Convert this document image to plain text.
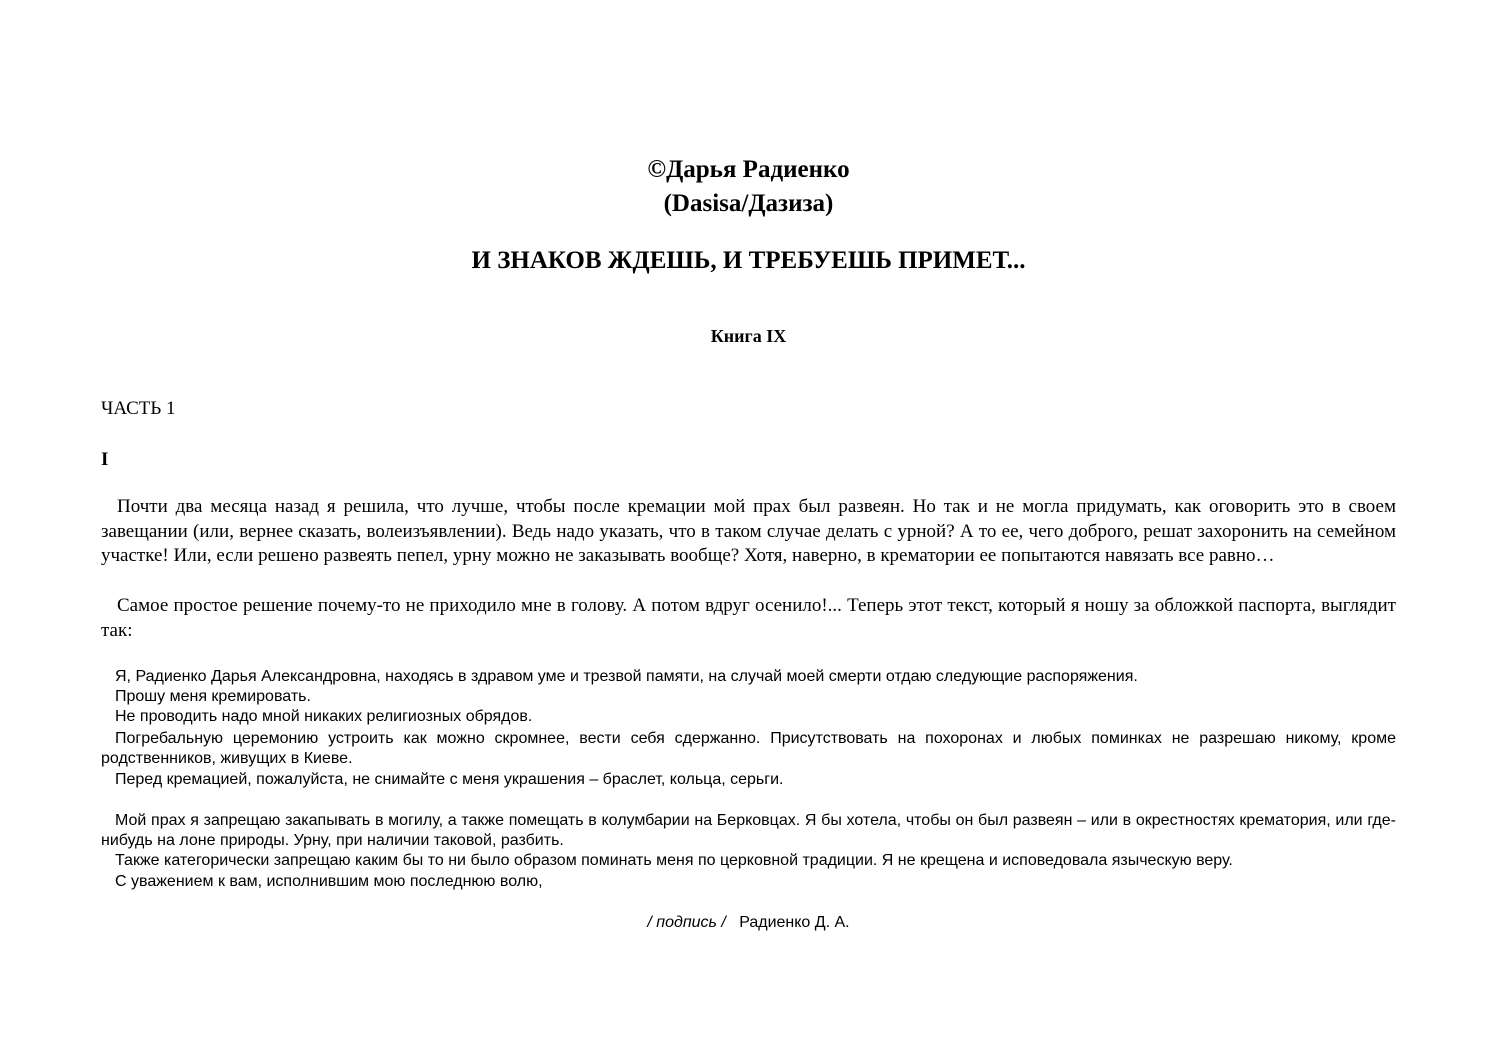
©Дарья Радиенко
(Dasisa/Дазиза)
И ЗНАКОВ ЖДЕШЬ, И ТРЕБУЕШЬ ПРИМЕТ...
Книга IX
ЧАСТЬ 1
I

Почти два месяца назад я решила, что лучше, чтобы после кремации мой прах был развеян. Но так и не могла придумать, как оговорить это в своем завещании (или, вернее сказать, волеизъявлении). Ведь надо указать, что в таком случае делать с урной? А то ее, чего доброго, решат захоронить на семейном участке! Или, если решено развеять пепел, урну можно не заказывать вообще? Хотя, наверно, в крематории ее попытаются навязать все равно…

Самое простое решение почему-то не приходило мне в голову. А потом вдруг осенило!... Теперь этот текст, который я ношу за обложкой паспорта, выглядит так:

Я, Радиенко Дарья Александровна, находясь в здравом уме и трезвой памяти, на случай моей смерти отдаю следующие распоряжения.

Прошу меня кремировать.

Не проводить надо мной никаких религиозных обрядов.

Погребальную церемонию устроить как можно скромнее, вести себя сдержанно. Присутствовать на похоронах и любых поминках не разрешаю никому, кроме родственников, живущих в Киеве.

Перед кремацией, пожалуйста, не снимайте с меня украшения – браслет, кольца, серьги.

Мой прах я запрещаю закапывать в могилу, а также помещать в колумбарии на Берковцах. Я бы хотела, чтобы он был развеян – или в окрестностях крематория, или где-нибудь на лоне природы. Урну, при наличии таковой, разбить.

Также категорически запрещаю каким бы то ни было образом поминать меня по церковной традиции. Я не крещена и исповедовала языческую веру.

С уважением к вам, исполнившим мою последнюю волю,

/ подпись / Радиенко Д. А.
